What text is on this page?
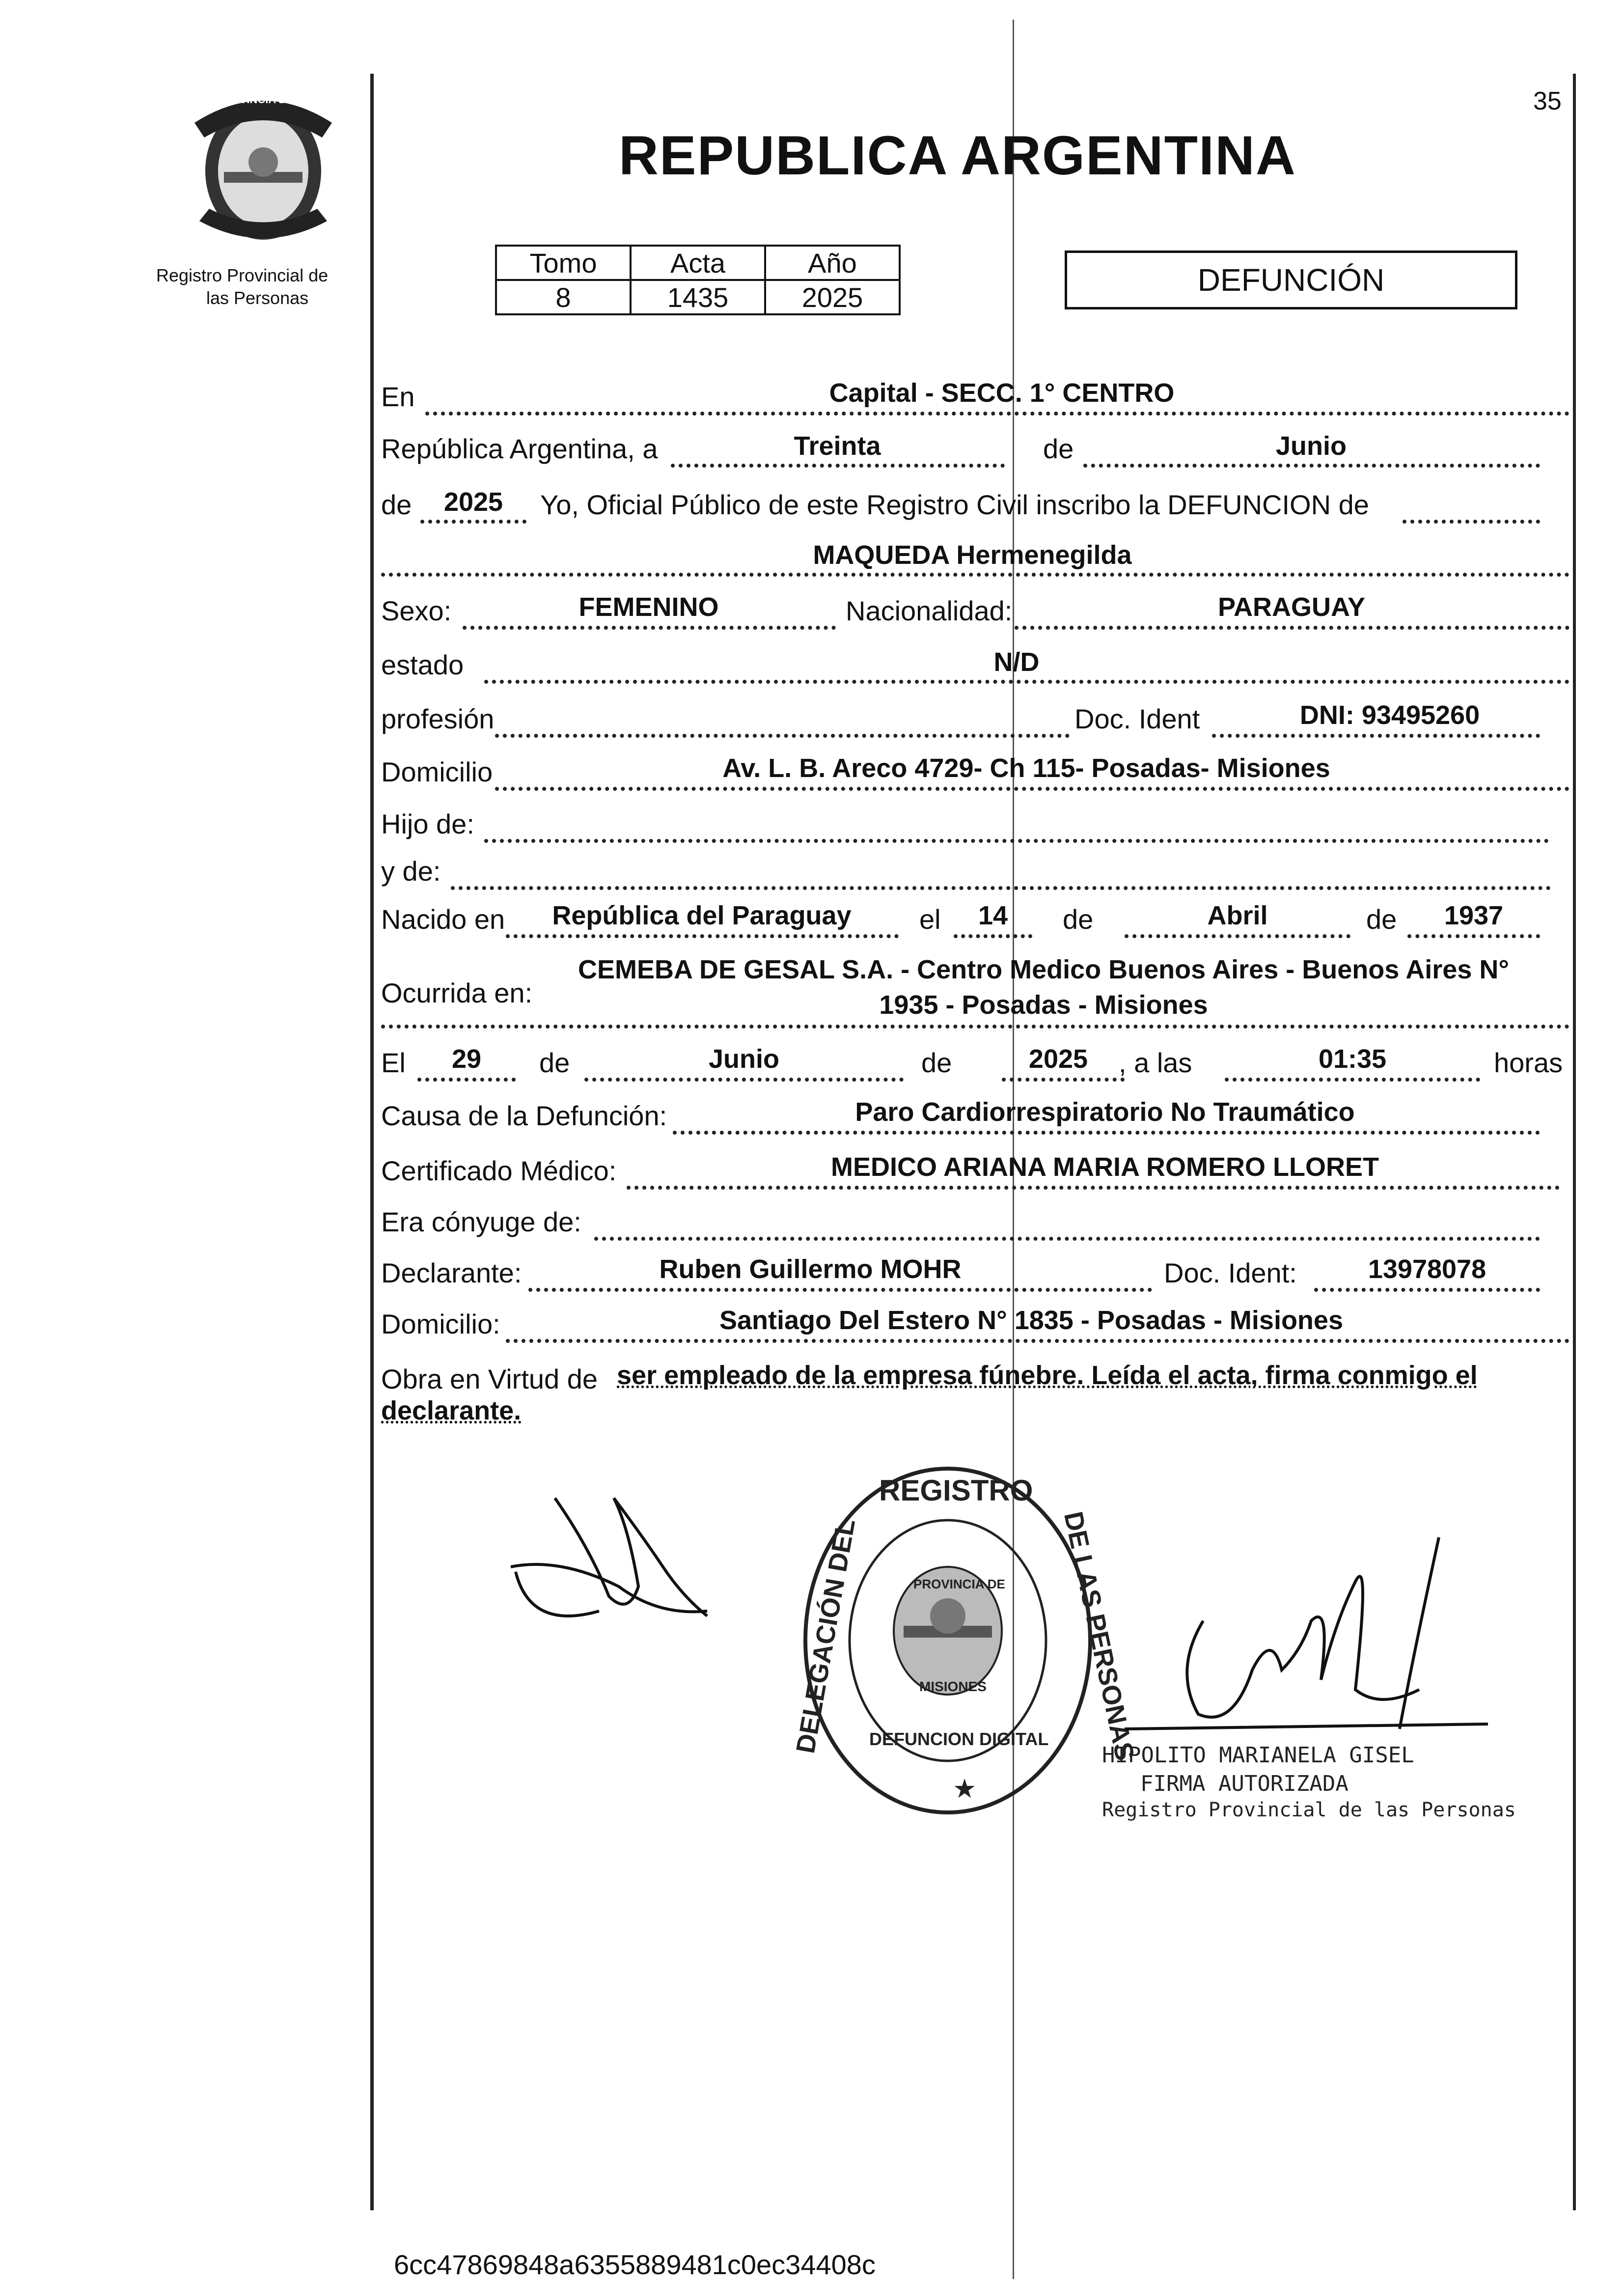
PROVINCIA DE MISIONES
Registro Provincial de
las Personas
35
REPUBLICA ARGENTINA
Tomo	Acta	Año
8	1435	2025	DEFUNCIÓN
En	Capital - SECC. 1° CENTRO
República Argentina, a	Treinta	de	Junio
de	2025	Yo, Oficial Público de este Registro Civil inscribo la DEFUNCION de
MAQUEDA Hermenegilda
Sexo:	FEMENINO	Nacionalidad:	PARAGUAY
estado	N/D
profesión	Doc. Ident	DNI: 93495260
Domicilio	Av. L. B. Areco 4729- Ch 115- Posadas- Misiones
Hijo de:
y de:
Nacido en	República del Paraguay	el	14	de	Abril	de	1937
Ocurrida en:
CEMEBA DE GESAL S.A. - Centro Medico Buenos Aires - Buenos Aires N°
1935 - Posadas - Misiones
El	29	de	Junio	de	2025	, a las	01:35	horas
Causa de la Defunción:	Paro Cardiorrespiratorio No Traumático
Certificado Médico:	MEDICO ARIANA MARIA ROMERO LLORET
Era cónyuge de:
Declarante:	Ruben Guillermo MOHR	Doc. Ident:	13978078
Domicilio:	Santiago Del Estero N° 1835 - Posadas - Misiones
Obra en Virtud de ser empleado de la empresa fúnebre. Leída el acta, firma conmigo el
declarante.
REGISTRO
DELEGACIÓN DEL	DE LAS PERSONAS
PROVINCIA DE
MISIONES
DEFUNCION DIGITAL
★
HIPOLITO MARIANELA GISEL
FIRMA AUTORIZADA
Registro Provincial de las Personas
6cc47869848a6355889481c0ec34408c
